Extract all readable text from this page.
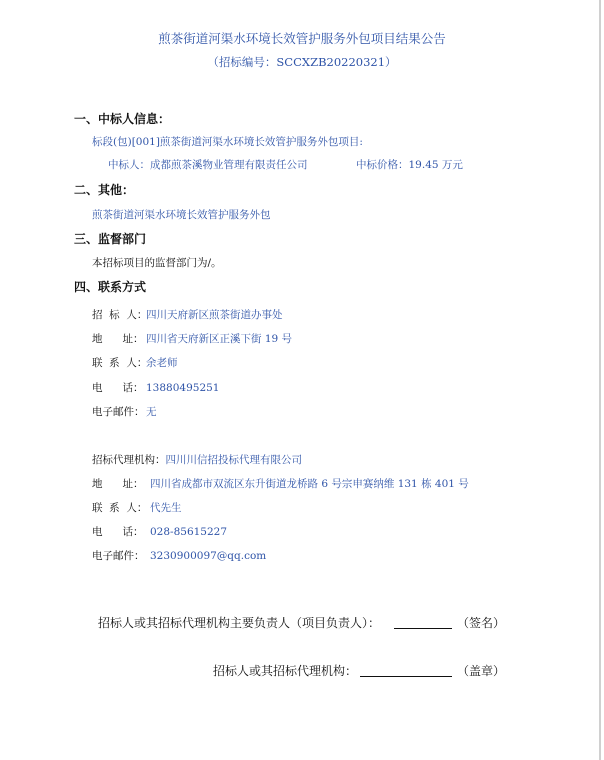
煎茶街道河渠水环境长效管护服务外包项目结果公告
（招标编号：SCCXZB20220321）
一、中标人信息：
标段(包)[001]煎茶街道河渠水环境长效管护服务外包项目:
中标人：成都煎茶溪物业管理有限责任公司	中标价格：19.45 万元
二、其他：
煎茶街道河渠水环境长效管护服务外包
三、监督部门
本招标项目的监督部门为/。
四、联系方式
招  标  人：四川天府新区煎茶街道办事处
地      址： 四川省天府新区正溪下街 19 号
联  系  人：余老师
电      话： 13880495251
电子邮件： 无
招标代理机构：四川川信招投标代理有限公司
地      址： 四川省成都市双流区东升街道龙桥路 6 号宗申赛纳维 131 栋 401 号
联  系  人： 代先生
电      话： 028-85615227
电子邮件： 3230900097@qq.com
招标人或其招标代理机构主要负责人（项目负责人）：	（签名）
招标人或其招标代理机构：	（盖章）
